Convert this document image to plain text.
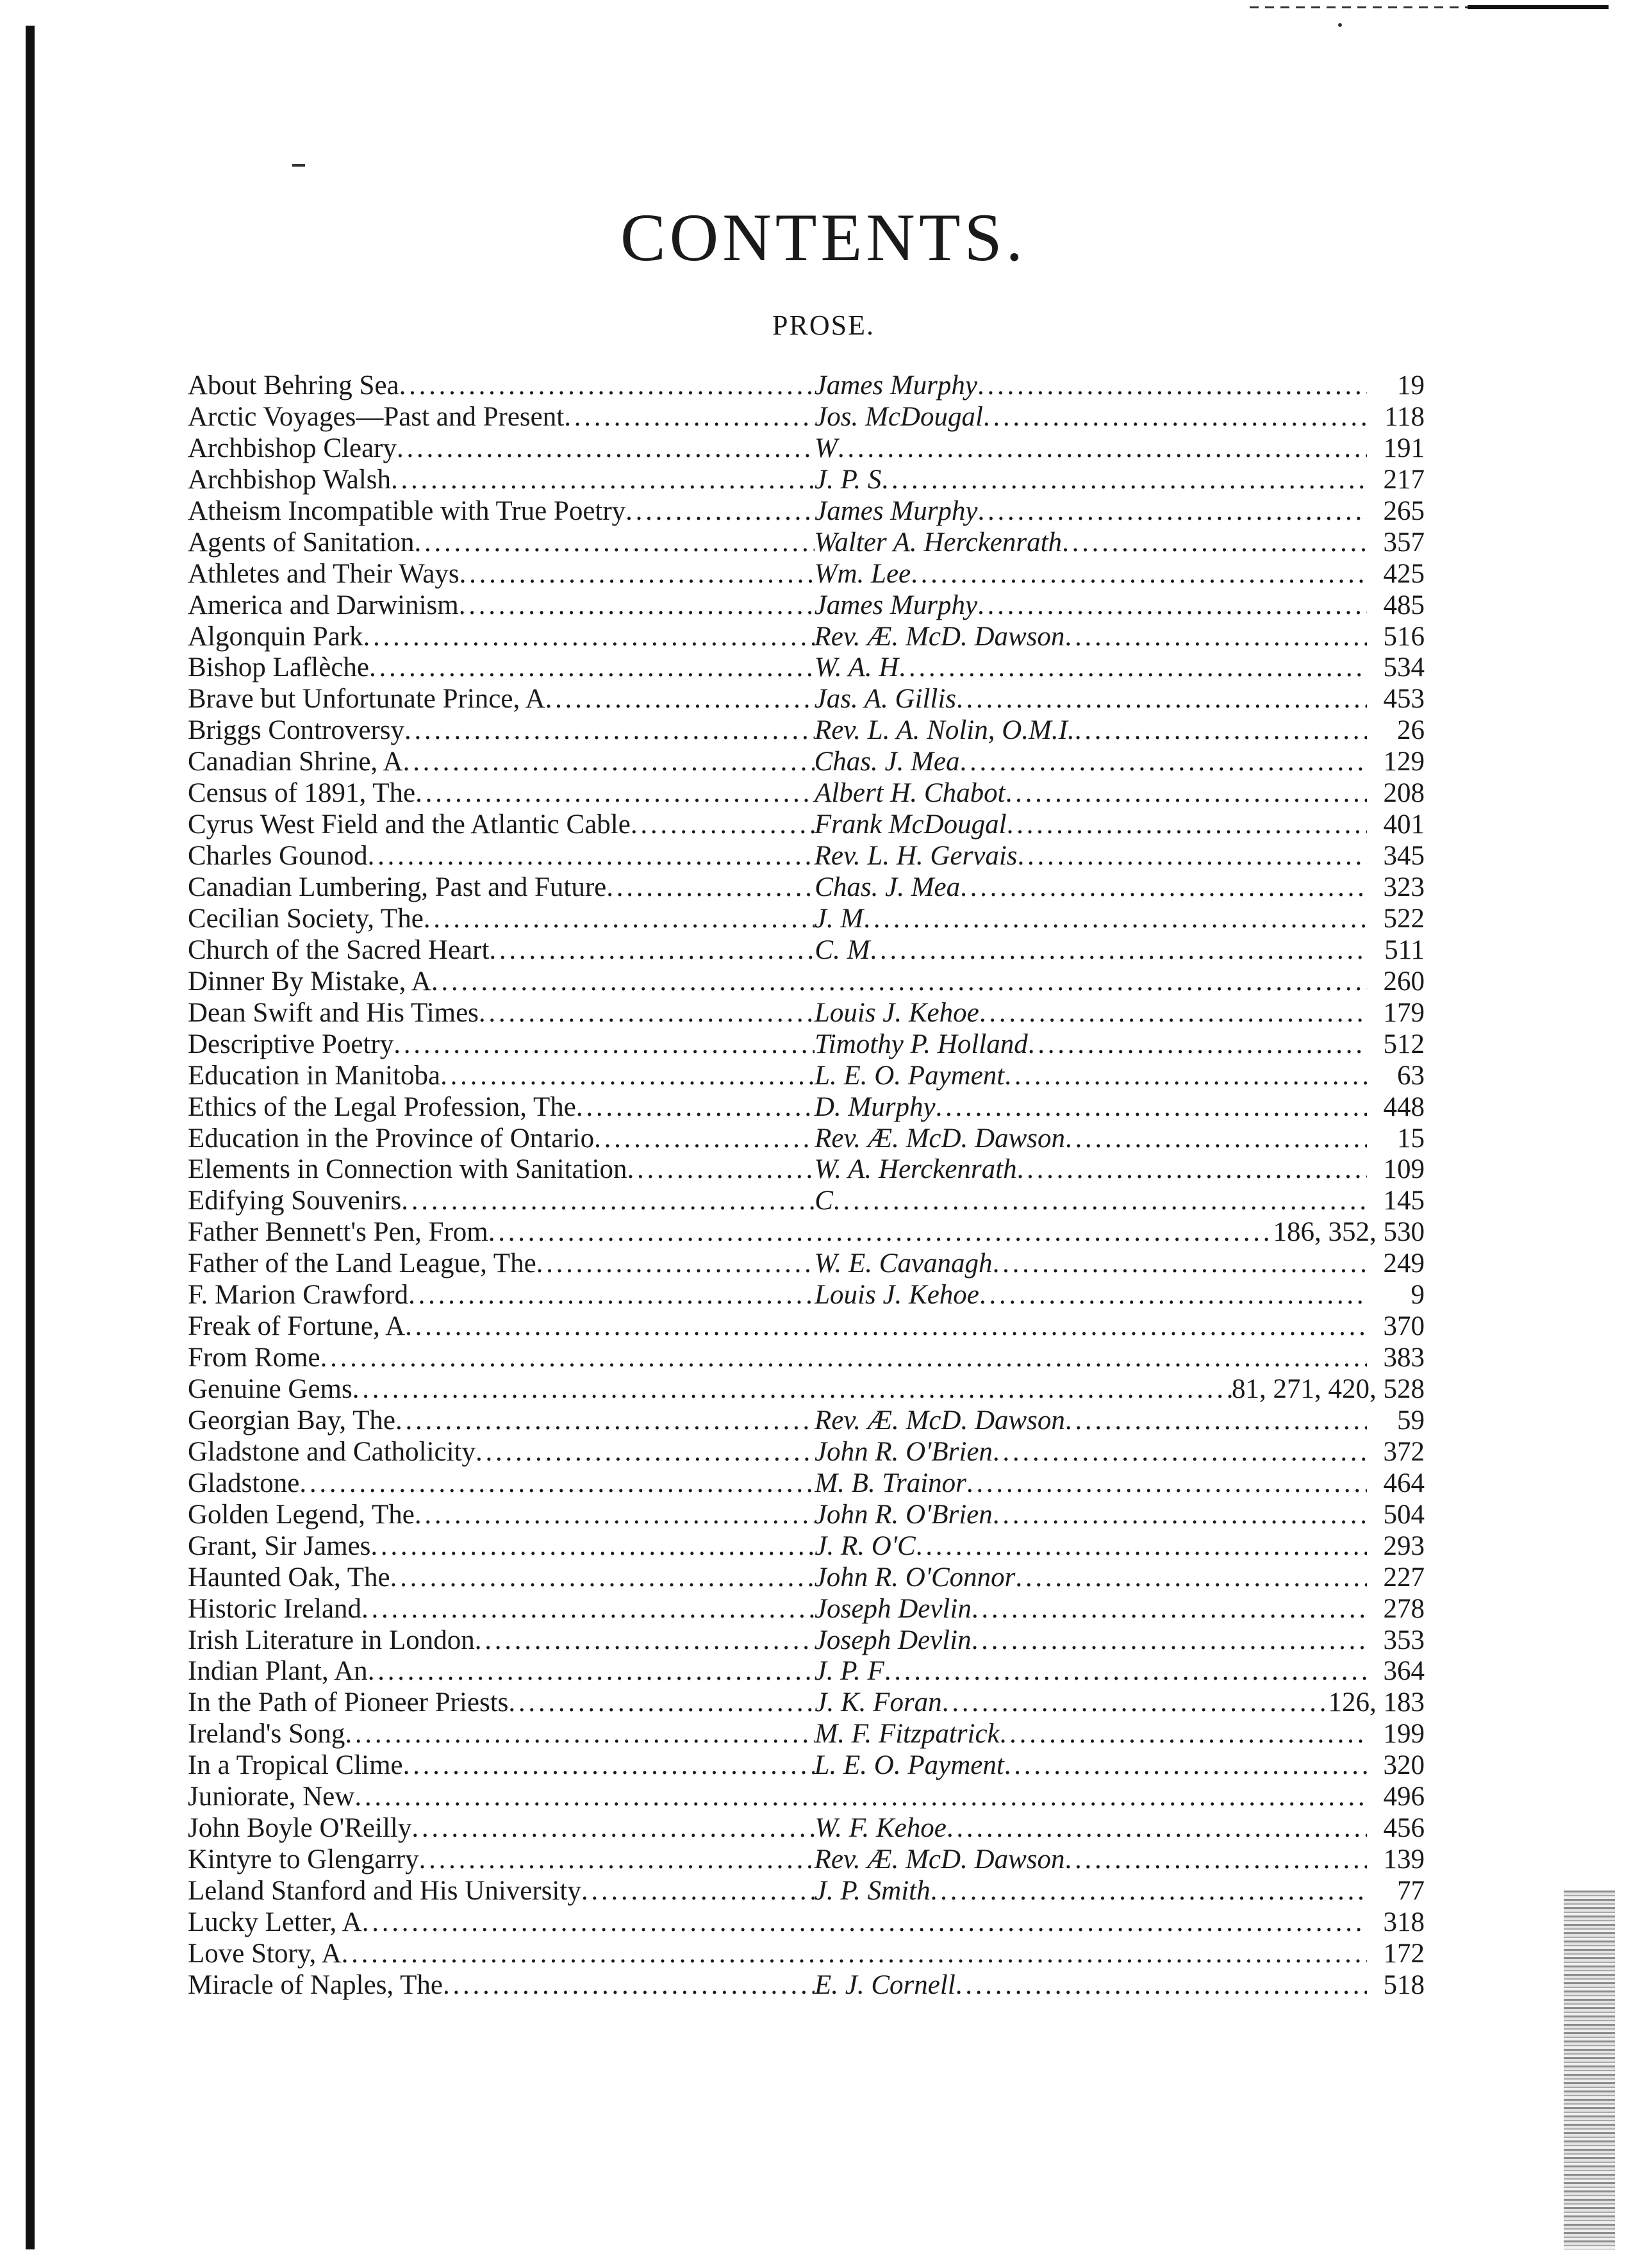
CONTENTS.
PROSE.
About Behring Sea . . .	James Murphy . . .	19
Arctic Voyages—Past and Present . . .	Jos. McDougal . . .	118
Archbishop Cleary . . .	W . . .	191
Archbishop Walsh . . .	J. P. S . . .	217
Atheism Incompatible with True Poetry . . .	James Murphy . . .	265
Agents of Sanitation . . .	Walter A. Herckenrath . . .	357
Athletes and Their Ways . . .	Wm. Lee . . .	425
America and Darwinism . . .	James Murphy . . .	485
Algonquin Park . . .	Rev. Æ. McD. Dawson . . .	516
Bishop Laflèche . . .	W. A. H . . .	534
Brave but Unfortunate Prince, A . . .	Jas. A. Gillis . . .	453
Briggs Controversy . . .	Rev. L. A. Nolin, O.M.I. . . .	26
Canadian Shrine, A . . .	Chas. J. Mea . . .	129
Census of 1891, The . . .	Albert H. Chabot . . .	208
Cyrus West Field and the Atlantic Cable . . .	Frank McDougal . . .	401
Charles Gounod . . .	Rev. L. H. Gervais . . .	345
Canadian Lumbering, Past and Future . . .	Chas. J. Mea . . .	323
Cecilian Society, The . . .	J. M . . .	522
Church of the Sacred Heart . . .	C. M . . .	511
Dinner By Mistake, A . . .	260
Dean Swift and His Times . . .	Louis J. Kehoe . . .	179
Descriptive Poetry . . .	Timothy P. Holland . . .	512
Education in Manitoba . . .	L. E. O. Payment . . .	63
Ethics of the Legal Profession, The . . .	D. Murphy . . .	448
Education in the Province of Ontario . . .	Rev. Æ. McD. Dawson . . .	15
Elements in Connection with Sanitation . . .	W. A. Herckenrath . . .	109
Edifying Souvenirs . . .	C . . .	145
Father Bennett's Pen, From . . .	186, 352, 530
Father of the Land League, The . . .	W. E. Cavanagh . . .	249
F. Marion Crawford . . .	Louis J. Kehoe . . .	9
Freak of Fortune, A . . .	370
From Rome . . .	383
Genuine Gems . . .	81, 271, 420, 528
Georgian Bay, The . . .	Rev. Æ. McD. Dawson . . .	59
Gladstone and Catholicity . . .	John R. O'Brien . . .	372
Gladstone . . .	M. B. Trainor . . .	464
Golden Legend, The . . .	John R. O'Brien . . .	504
Grant, Sir James . . .	J. R. O'C . . .	293
Haunted Oak, The . . .	John R. O'Connor . . .	227
Historic Ireland . . .	Joseph Devlin . . .	278
Irish Literature in London . . .	Joseph Devlin . . .	353
Indian Plant, An . . .	J. P. F . . .	364
In the Path of Pioneer Priests . . .	J. K. Foran . . .	126, 183
Ireland's Song . . .	M. F. Fitzpatrick . . .	199
In a Tropical Clime . . .	L. E. O. Payment . . .	320
Juniorate, New . . .	496
John Boyle O'Reilly . . .	W. F. Kehoe . . .	456
Kintyre to Glengarry . . .	Rev. Æ. McD. Dawson . . .	139
Leland Stanford and His University . . .	J. P. Smith . . .	77
Lucky Letter, A . . .	318
Love Story, A . . .	172
Miracle of Naples, The . . .	E. J. Cornell . . .	518
